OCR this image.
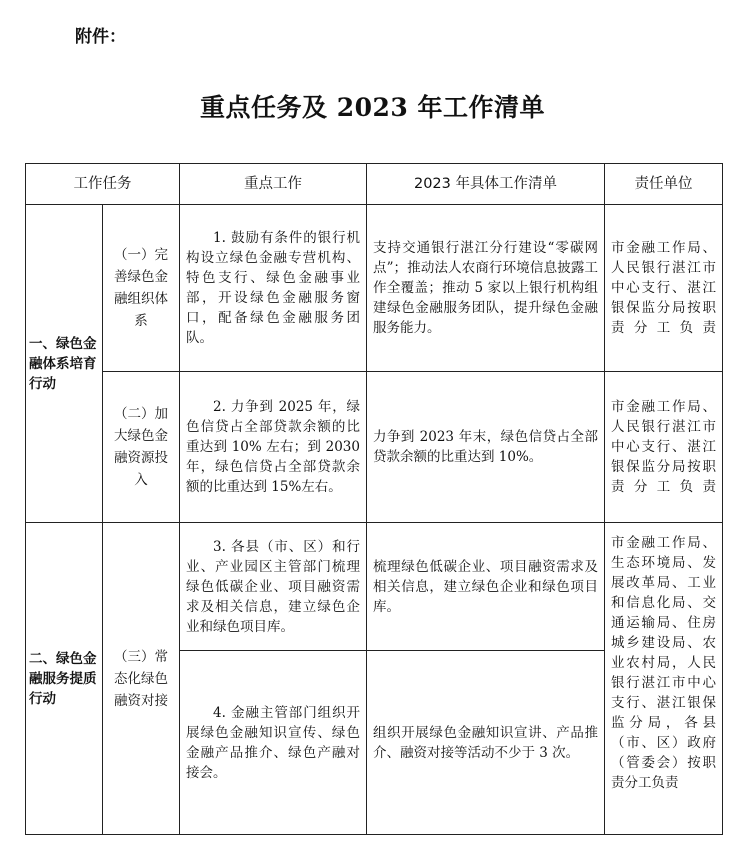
附件：
重点任务及 2023 年工作清单
工作任务		重点工作	2023 年具体工作清单	责任单位
一、绿色金融体系培育行动	（一）完善绿色金融组织体系	1. 鼓励有条件的银行机构设立绿色金融专营机构、特色支行、绿色金融事业部，开设绿色金融服务窗口，配备绿色金融服务团队。	支持交通银行湛江分行建设“零碳网点”；推动法人农商行环境信息披露工作全覆盖；推动 5 家以上银行机构组建绿色金融服务团队，提升绿色金融服务能力。	市金融工作局、人民银行湛江市中心支行、湛江银保监分局按职责分工负责
	（二）加大绿色金融资源投入	2. 力争到 2025 年，绿色信贷占全部贷款余额的比重达到 10% 左右；到 2030 年，绿色信贷占全部贷款余额的比重达到 15%左右。	力争到 2023 年末，绿色信贷占全部贷款余额的比重达到 10%。	市金融工作局、人民银行湛江市中心支行、湛江银保监分局按职责分工负责
二、绿色金融服务提质行动	（三）常态化绿色融资对接	3. 各县（市、区）和行业、产业园区主管部门梳理绿色低碳企业、项目融资需求及相关信息，建立绿色企业和绿色项目库。	梳理绿色低碳企业、项目融资需求及相关信息，建立绿色企业和绿色项目库。	市金融工作局、生态环境局、发展改革局、工业和信息化局、交通运输局、住房城乡建设局、农业农村局，人民银行湛江市中心支行、湛江银保监分局，各县（市、区）政府（管委会）按职责分工负责
		4. 金融主管部门组织开展绿色金融知识宣传、绿色金融产品推介、绿色产融对接会。	组织开展绿色金融知识宣讲、产品推介、融资对接等活动不少于 3 次。	
